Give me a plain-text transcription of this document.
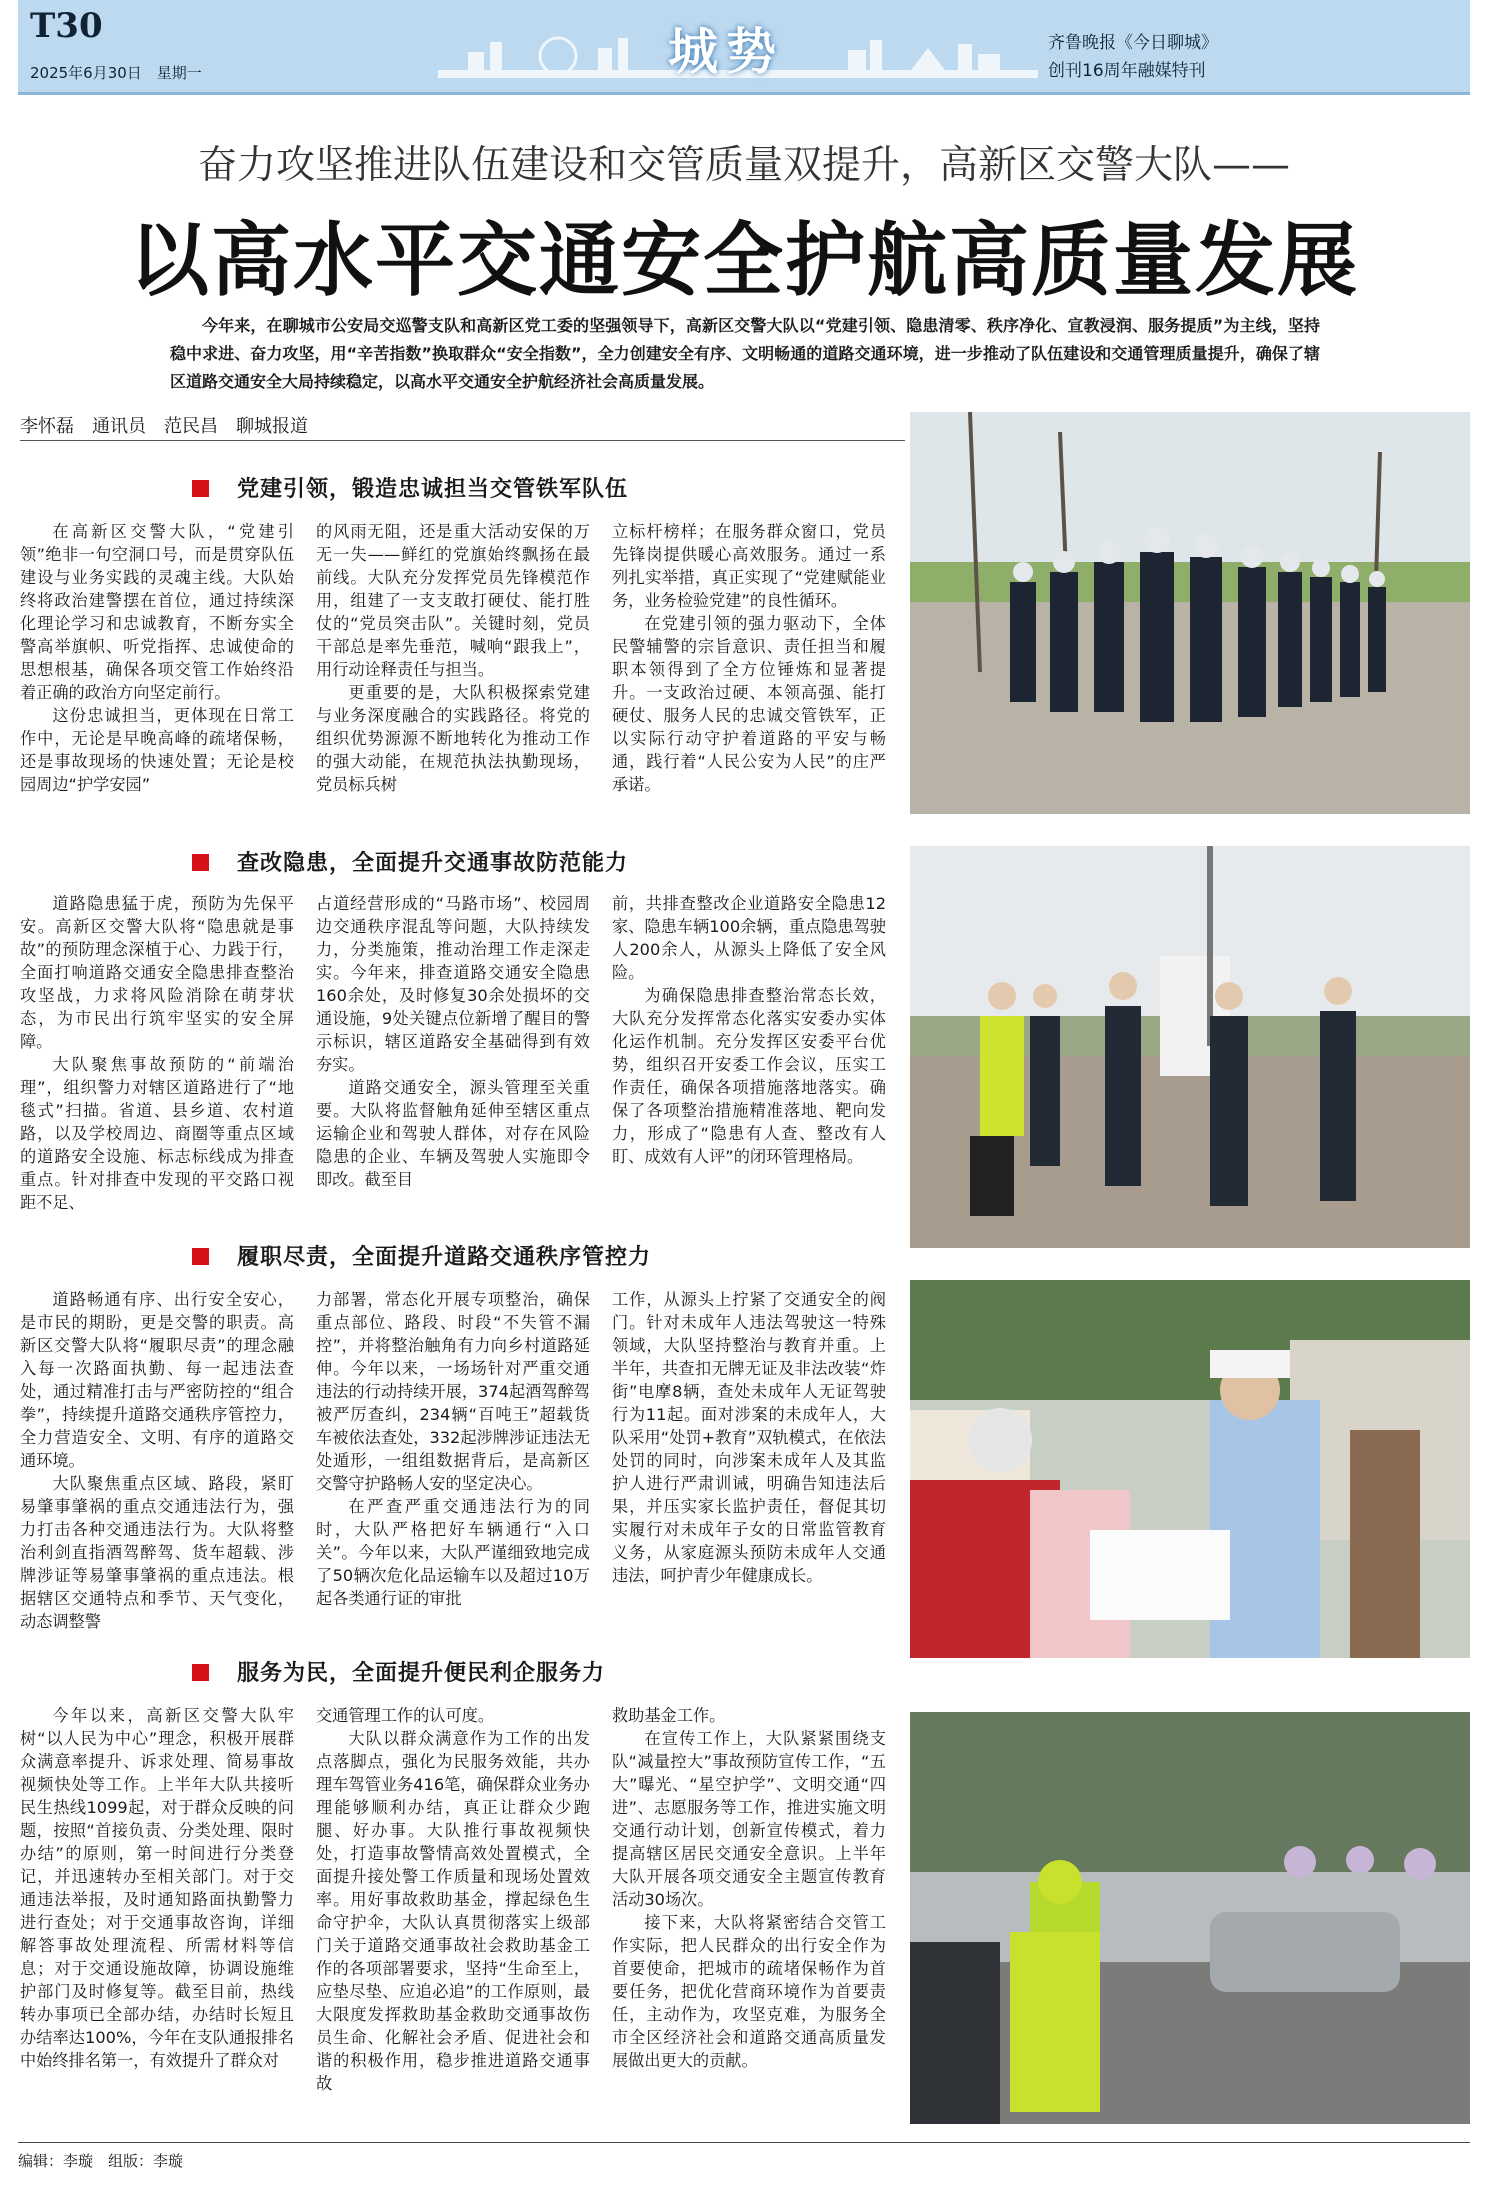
T30
2025年6月30日　星期一	城势	齐鲁晚报《今日聊城》
创刊16周年融媒特刊
奋力攻坚推进队伍建设和交管质量双提升，高新区交警大队——
以高水平交通安全护航高质量发展
今年来，在聊城市公安局交巡警支队和高新区党工委的坚强领导下，高新区交警大队以“党建引领、隐患清零、秩序净化、宣教浸润、服务提质”为主线，坚持稳中求进、奋力攻坚，用“辛苦指数”换取群众“安全指数”，全力创建安全有序、文明畅通的道路交通环境，进一步推动了队伍建设和交通管理质量提升，确保了辖区道路交通安全大局持续稳定，以高水平交通安全护航经济社会高质量发展。
李怀磊　通讯员　范民昌　聊城报道
党建引领，锻造忠诚担当交管铁军队伍

在高新区交警大队，“党建引领”绝非一句空洞口号，而是贯穿队伍建设与业务实践的灵魂主线。大队始终将政治建警摆在首位，通过持续深化理论学习和忠诚教育，不断夯实全警高举旗帜、听党指挥、忠诚使命的思想根基，确保各项交管工作始终沿着正确的政治方向坚定前行。

这份忠诚担当，更体现在日常工作中，无论是早晚高峰的疏堵保畅，还是事故现场的快速处置；无论是校园周边“护学安园”

的风雨无阻，还是重大活动安保的万无一失——鲜红的党旗始终飘扬在最前线。大队充分发挥党员先锋模范作用，组建了一支支敢打硬仗、能打胜仗的“党员突击队”。关键时刻，党员干部总是率先垂范，喊响“跟我上”，用行动诠释责任与担当。

更重要的是，大队积极探索党建与业务深度融合的实践路径。将党的组织优势源源不断地转化为推动工作的强大动能，在规范执法执勤现场，党员标兵树

立标杆榜样；在服务群众窗口，党员先锋岗提供暖心高效服务。通过一系列扎实举措，真正实现了“党建赋能业务，业务检验党建”的良性循环。

在党建引领的强力驱动下，全体民警辅警的宗旨意识、责任担当和履职本领得到了全方位锤炼和显著提升。一支政治过硬、本领高强、能打硬仗、服务人民的忠诚交管铁军，正以实际行动守护着道路的平安与畅通，践行着“人民公安为人民”的庄严承诺。

查改隐患，全面提升交通事故防范能力

道路隐患猛于虎，预防为先保平安。高新区交警大队将“隐患就是事故”的预防理念深植于心、力践于行，全面打响道路交通安全隐患排查整治攻坚战，力求将风险消除在萌芽状态，为市民出行筑牢坚实的安全屏障。

大队聚焦事故预防的“前端治理”，组织警力对辖区道路进行了“地毯式”扫描。省道、县乡道、农村道路，以及学校周边、商圈等重点区域的道路安全设施、标志标线成为排查重点。针对排查中发现的平交路口视距不足、

占道经营形成的“马路市场”、校园周边交通秩序混乱等问题，大队持续发力，分类施策，推动治理工作走深走实。今年来，排查道路交通安全隐患160余处，及时修复30余处损坏的交通设施，9处关键点位新增了醒目的警示标识，辖区道路安全基础得到有效夯实。

道路交通安全，源头管理至关重要。大队将监督触角延伸至辖区重点运输企业和驾驶人群体，对存在风险隐患的企业、车辆及驾驶人实施即令即改。截至目

前，共排查整改企业道路安全隐患12家、隐患车辆100余辆，重点隐患驾驶人200余人，从源头上降低了安全风险。

为确保隐患排查整治常态长效，大队充分发挥常态化落实安委办实体化运作机制。充分发挥区安委平台优势，组织召开安委工作会议，压实工作责任，确保各项措施落地落实。确保了各项整治措施精准落地、靶向发力，形成了“隐患有人查、整改有人盯、成效有人评”的闭环管理格局。

履职尽责，全面提升道路交通秩序管控力

道路畅通有序、出行安全安心，是市民的期盼，更是交警的职责。高新区交警大队将“履职尽责”的理念融入每一次路面执勤、每一起违法查处，通过精准打击与严密防控的“组合拳”，持续提升道路交通秩序管控力，全力营造安全、文明、有序的道路交通环境。

大队聚焦重点区域、路段，紧盯易肇事肇祸的重点交通违法行为，强力打击各种交通违法行为。大队将整治利剑直指酒驾醉驾、货车超载、涉牌涉证等易肇事肇祸的重点违法。根据辖区交通特点和季节、天气变化，动态调整警

力部署，常态化开展专项整治，确保重点部位、路段、时段“不失管不漏控”，并将整治触角有力向乡村道路延伸。今年以来，一场场针对严重交通违法的行动持续开展，374起酒驾醉驾被严厉查纠，234辆“百吨王”超载货车被依法查处，332起涉牌涉证违法无处遁形，一组组数据背后，是高新区交警守护路畅人安的坚定决心。

在严查严重交通违法行为的同时，大队严格把好车辆通行“入口关”。今年以来，大队严谨细致地完成了50辆次危化品运输车以及超过10万起各类通行证的审批

工作，从源头上拧紧了交通安全的阀门。针对未成年人违法驾驶这一特殊领域，大队坚持整治与教育并重。上半年，共查扣无牌无证及非法改装“炸街”电摩8辆，查处未成年人无证驾驶行为11起。面对涉案的未成年人，大队采用“处罚+教育”双轨模式，在依法处罚的同时，向涉案未成年人及其监护人进行严肃训诫，明确告知违法后果，并压实家长监护责任，督促其切实履行对未成年子女的日常监管教育义务，从家庭源头预防未成年人交通违法，呵护青少年健康成长。

服务为民，全面提升便民利企服务力

今年以来，高新区交警大队牢树“以人民为中心”理念，积极开展群众满意率提升、诉求处理、简易事故视频快处等工作。上半年大队共接听民生热线1099起，对于群众反映的问题，按照“首接负责、分类处理、限时办结”的原则，第一时间进行分类登记，并迅速转办至相关部门。对于交通违法举报，及时通知路面执勤警力进行查处；对于交通事故咨询，详细解答事故处理流程、所需材料等信息；对于交通设施故障，协调设施维护部门及时修复等。截至目前，热线转办事项已全部办结，办结时长短且办结率达100%，今年在支队通报排名中始终排名第一，有效提升了群众对

交通管理工作的认可度。

大队以群众满意作为工作的出发点落脚点，强化为民服务效能，共办理车驾管业务416笔，确保群众业务办理能够顺利办结，真正让群众少跑腿、好办事。大队推行事故视频快处，打造事故警情高效处置模式，全面提升接处警工作质量和现场处置效率。用好事故救助基金，撑起绿色生命守护伞，大队认真贯彻落实上级部门关于道路交通事故社会救助基金工作的各项部署要求，坚持“生命至上，应垫尽垫、应追必追”的工作原则，最大限度发挥救助基金救助交通事故伤员生命、化解社会矛盾、促进社会和谐的积极作用，稳步推进道路交通事故

救助基金工作。

在宣传工作上，大队紧紧围绕支队“减量控大”事故预防宣传工作，“五大”曝光、“星空护学”、文明交通“四进”、志愿服务等工作，推进实施文明交通行动计划，创新宣传模式，着力提高辖区居民交通安全意识。上半年大队开展各项交通安全主题宣传教育活动30场次。

接下来，大队将紧密结合交管工作实际，把人民群众的出行安全作为首要使命，把城市的疏堵保畅作为首要任务，把优化营商环境作为首要责任，主动作为，攻坚克难，为服务全市全区经济社会和道路交通高质量发展做出更大的贡献。

编辑：李璇　组版：李璇
